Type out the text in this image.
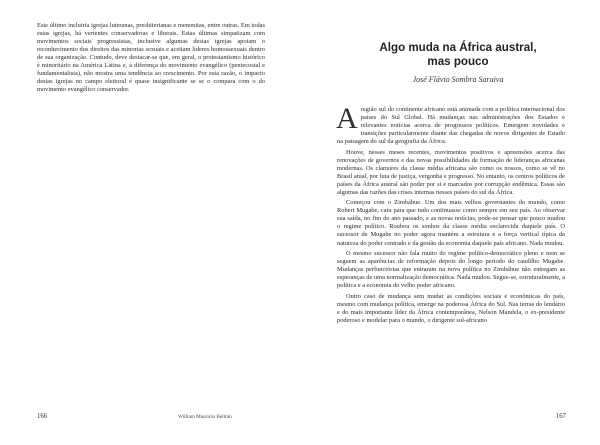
Este último incluiria igrejas luteranas, presbiterianas e menonitas, entre outras. Em todas estas igrejas, há vertentes conservadoras e liberais. Estas últimas simpatizam com movimentos sociais progressistas, inclusive algumas destas igrejas apoiam o reconhecimento dos direitos das minorias sexuais e aceitam líderes homossexuais dentro de sua organização. Contudo, deve destacar-se que, em geral, o protestantismo histórico é minoritário na América Latina e, à diferença do movimento evangélico (pentecostal e fundamentalista), não mostra uma tendência ao crescimento. Por esta razão, o impacto destas igrejas no campo eleitoral é quase insignificante se se o compara com o do movimento evangélico conservador.

166	William Mauricio Beltrán
Algo muda na África austral,
mas pouco
José Flávio Sombra Saraiva

Aregião sul do continente africano está animada com a política internacional dos países do Sul Global. Há mudanças nas administrações dos Estados e relevantes notícias acerca de progressos políticos. Emergem novidades e transições particularmente diante das chegadas de novos dirigentes de Estado na paisagem do sul da geografia da África.

Houve, nesses meses recentes, movimentos positivos e apreensões acerca das renovações de governos e das novas possibilidades de formação de lideranças africanas modernas. Os clamores da classe média africana são como os nossos, como se vê no Brasil atual, por luta de justiça, vergonha e progresso. No entanto, os centros políticos de países da África austral são poder por si e marcados por corrupção endêmica. Essas são algumas das razões das crises internas nesses países do sul da África.

Começou com o Zimbábue. Um dos mais velhos governantes do mundo, como Robert Mugabe, caiu para que tudo continuasse como sempre em seu país. Ao observar sua saída, no fim do ano passado, e as novas notícias, pode-se pensar que pouco mudou o regime político. Roubou os sonhos da classe média esclarecida daquele país. O sucessor de Mugabe no poder agora mantém a estrutura e a força vertical típica da natureza do poder centrado e da gestão da economia daquele país africano. Nada mudou.

O mesmo sucessor não fala muito do regime político-democrático pleno e nem se seguem as aparências de reformação depois do longo período do caudilho Mugabe. Mudanças perfunctórias que entraram na nova política no Zimbábue não entregam as esperanças de uma normalização democrática. Nada mudou. Segue-se, estruturalmente, a política e a economia do velho poder africano.

Outro caso de mudança sem mudar as condições sociais e econômicas do país, mesmo com mudança política, emerge na poderosa África do Sul. Nas terras do lendário e do mais importante líder da África contemporânea, Nelson Mandela, o ex-presidente poderoso e modelar para o mundo, o dirigente sul-africano

167
